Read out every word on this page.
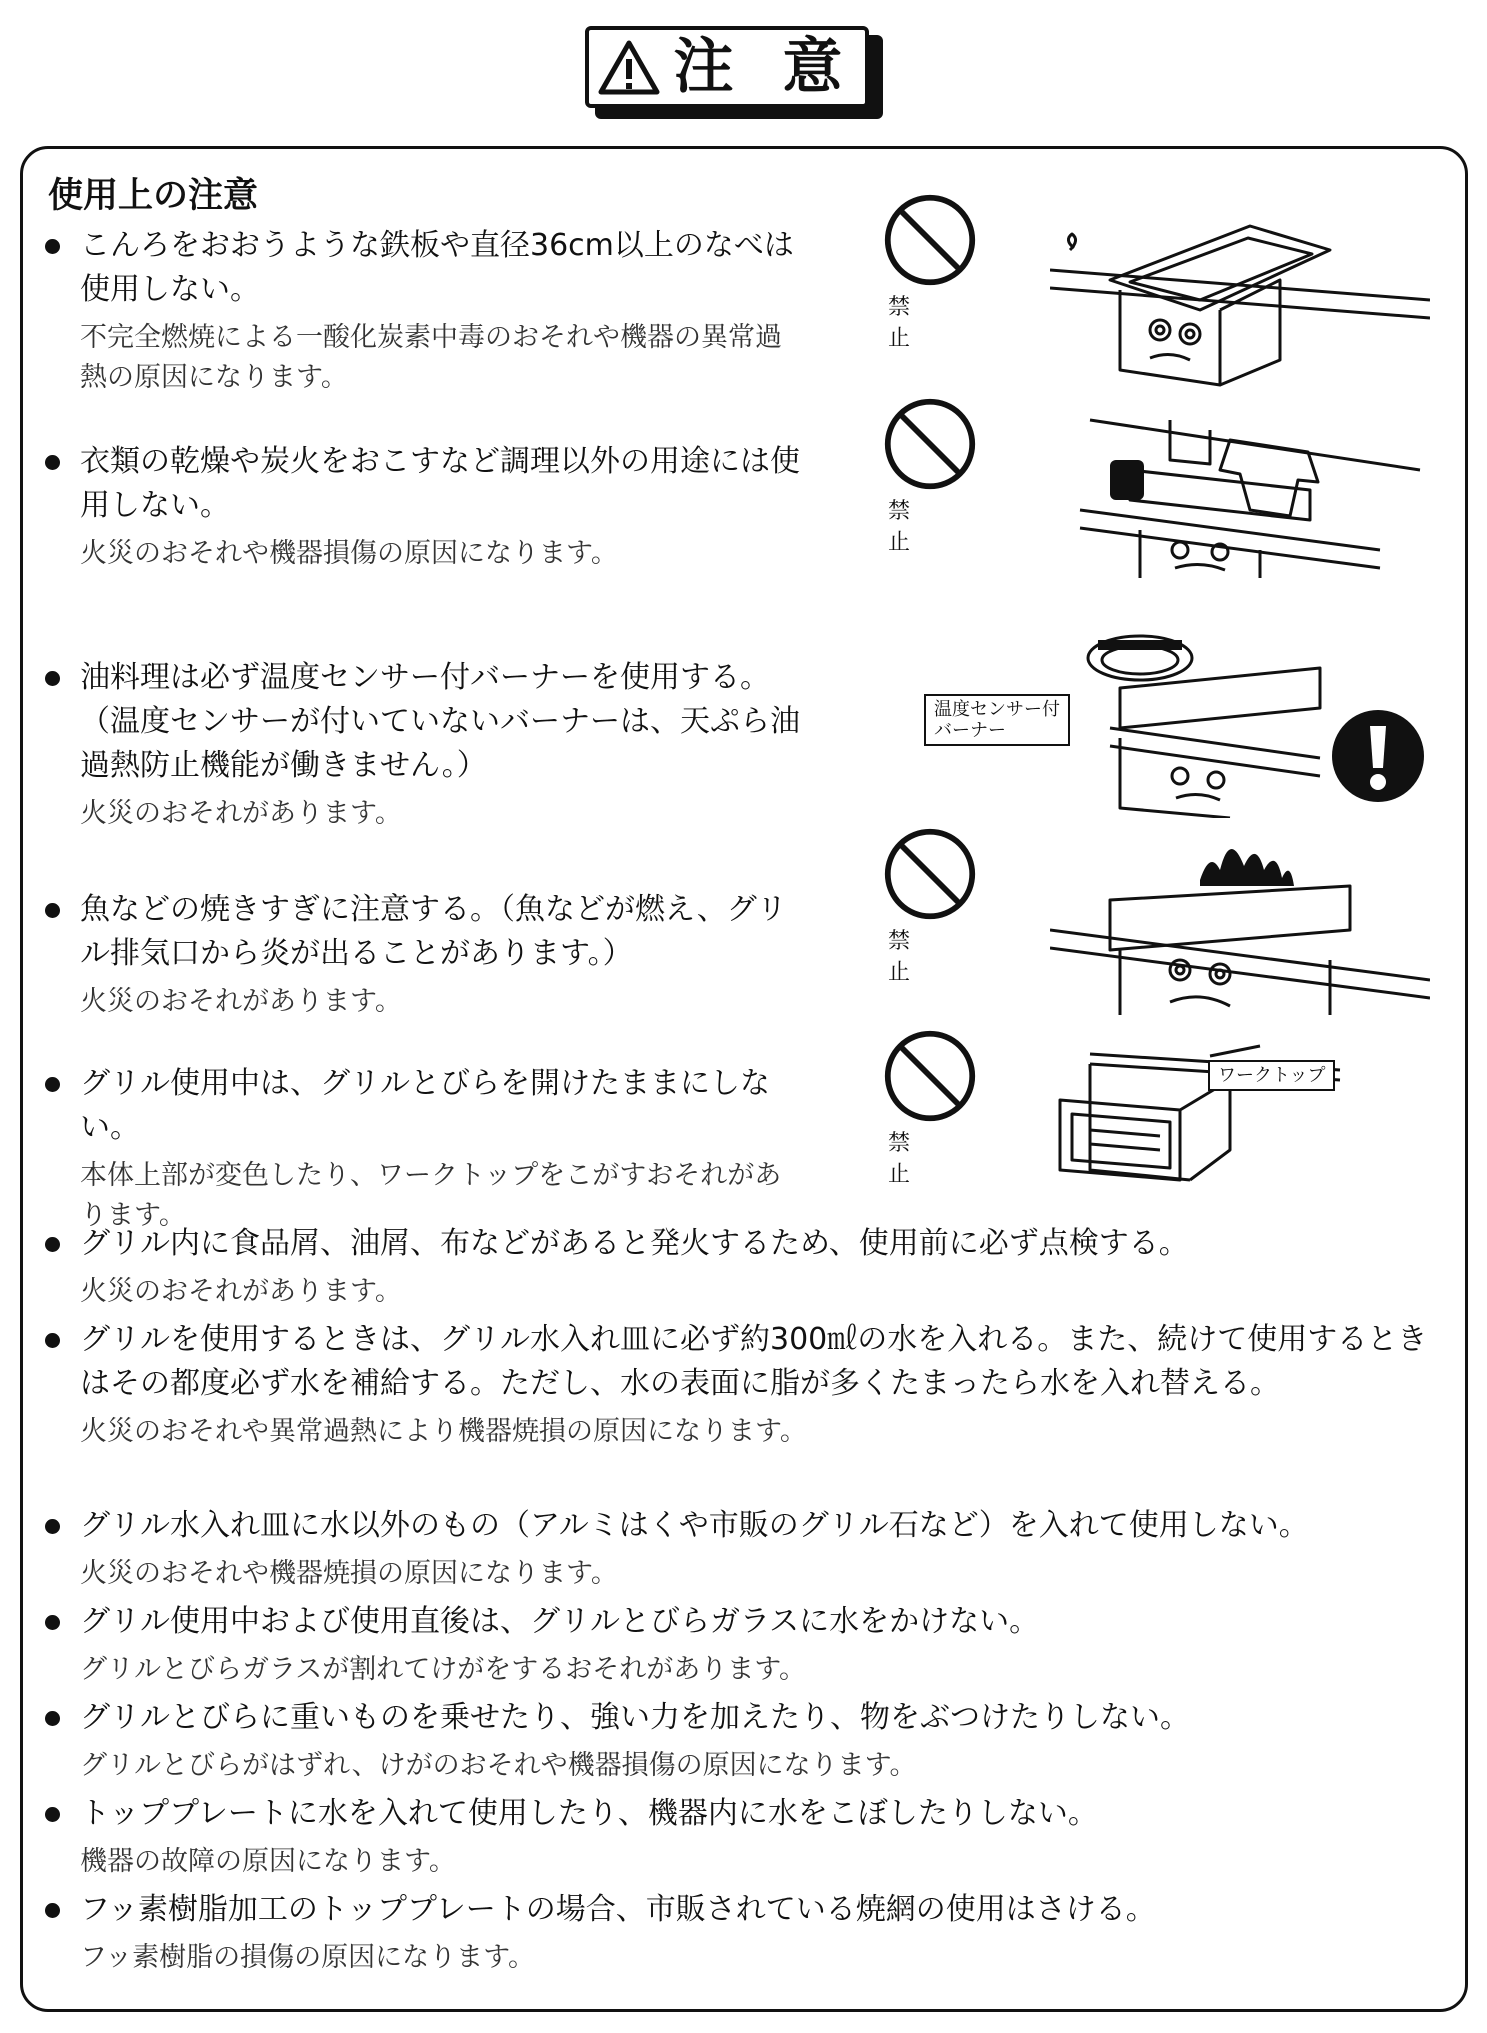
注 意
使用上の注意
こんろをおおうような鉄板や直径36cm以上のなべは使用しない。
不完全燃焼による一酸化炭素中毒のおそれや機器の異常過熱の原因になります。
衣類の乾燥や炭火をおこすなど調理以外の用途には使用しない。
火災のおそれや機器損傷の原因になります。
油料理は必ず温度センサー付バーナーを使用する。（温度センサーが付いていないバーナーは、天ぷら油過熱防止機能が働きません。）
火災のおそれがあります。
魚などの焼きすぎに注意する。（魚などが燃え、グリル排気口から炎が出ることがあります。）
火災のおそれがあります。
グリル使用中は、グリルとびらを開けたままにしない。
本体上部が変色したり、ワークトップをこがすおそれがあります。
グリル内に食品屑、油屑、布などがあると発火するため、使用前に必ず点検する。
火災のおそれがあります。
グリルを使用するときは、グリル水入れ皿に必ず約300㎖の水を入れる。また、続けて使用するときはその都度必ず水を補給する。ただし、水の表面に脂が多くたまったら水を入れ替える。
火災のおそれや異常過熱により機器焼損の原因になります。
グリル水入れ皿に水以外のもの（アルミはくや市販のグリル石など）を入れて使用しない。
火災のおそれや機器焼損の原因になります。
グリル使用中および使用直後は、グリルとびらガラスに水をかけない。
グリルとびらガラスが割れてけがをするおそれがあります。
グリルとびらに重いものを乗せたり、強い力を加えたり、物をぶつけたりしない。
グリルとびらがはずれ、けがのおそれや機器損傷の原因になります。
トッププレートに水を入れて使用したり、機器内に水をこぼしたりしない。
機器の故障の原因になります。
フッ素樹脂加工のトッププレートの場合、市販されている焼網の使用はさける。
フッ素樹脂の損傷の原因になります。
禁 止
禁 止
禁 止
禁 止
温度センサー付
バーナー
ワークトップ
